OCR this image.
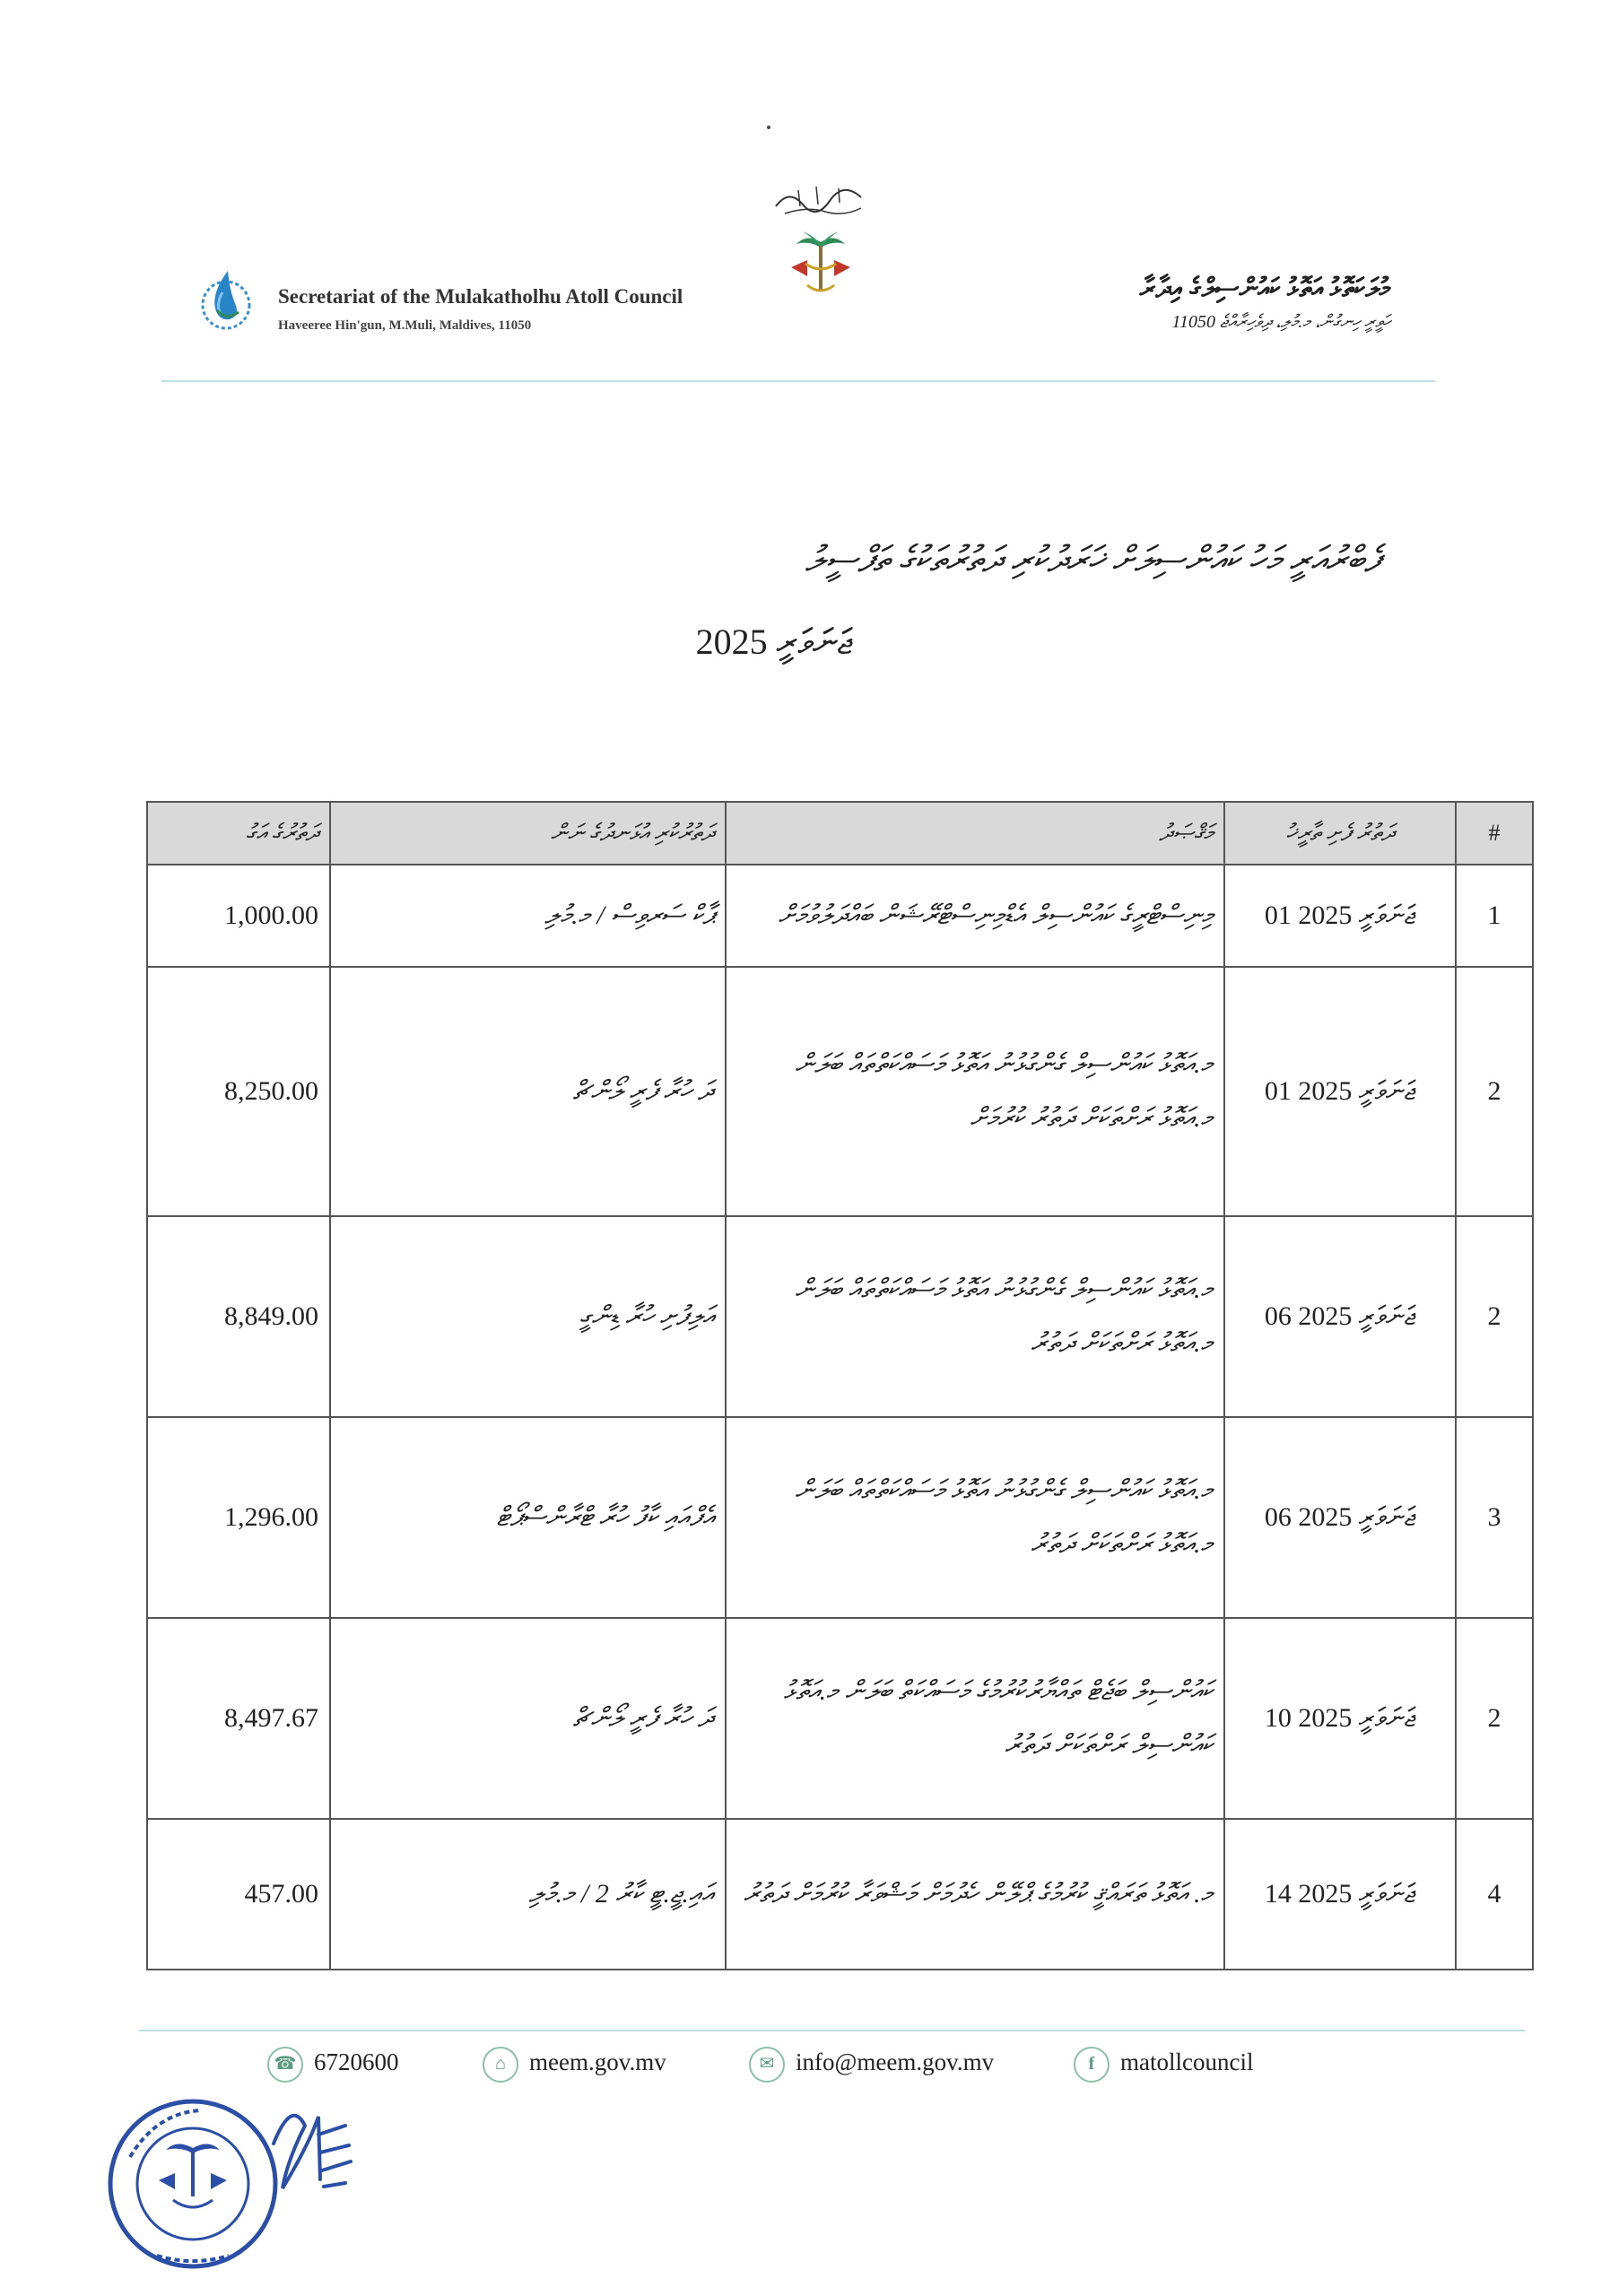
Secretariat of the Mulakatholhu Atoll Council
Haveeree Hin'gun, M.Muli, Maldives, 11050
މުލަކަތޮޅު އަތޮޅު ކައުންސިލްގެ އިދާރާ
ހަވީރީ ހިނގުން، މ.މުލި، ދިވެހިރާއްޖެ 11050
ފެބްރުއަރީ މަހު ކައުންސިލަށް ޚަރަދުކުރި ދަތުރުތަކުގެ ތަފްސީލު
ޖަނަވަރީ 2025
ދަތުރުގެ އަގު	ދަތުރުކުރި އުޅަނދުގެ ނަން	މަޤްޞަދު	ދަތުރު ފެށި ތާރީޚު	#
1,000.00	ޕާކް ސަރވިސް / މ.މުލި	މިނިސްޓްރީގެ ކައުންސިލް އެޑްމިނިސްޓްރޭޝަން ބައްދަލުވުމަށް	01 ޖަނަވަރީ 2025	1
8,250.00	ދަ ހުރާ ފެރީ ލޯންޗް	މ.އަތޮޅު ކައުންސިލް ގެންގުޅުނު އަތޮޅު މަސައްކަތްތައް ބަލަން މ.އަތޮޅު ރަށްތަކަށް ދަތުރު ކުރުމަށް	01 ޖަނަވަރީ 2025	2
8,849.00	އަލިފުށި ހުރާ ޑިންގީ	މ.އަތޮޅު ކައުންސިލް ގެންގުޅުނު އަތޮޅު މަސައްކަތްތައް ބަލަން މ.އަތޮޅު ރަށްތަކަށް ދަތުރު	06 ޖަނަވަރީ 2025	2
1,296.00	އެފްއައި ކާފު ހުރާ ޓްރާންސްޕޯޓް	މ.އަތޮޅު ކައުންސިލް ގެންގުޅުނު އަތޮޅު މަސައްކަތްތައް ބަލަން މ.އަތޮޅު ރަށްތަކަށް ދަތުރު	06 ޖަނަވަރީ 2025	3
8,497.67	ދަ ހުރާ ފެރީ ލޯންޗް	ކައުންސިލް ބަޖެޓް ތައްޔާރުކުރުމުގެ މަސައްކަތް ބަލަން މ.އަތޮޅު ކައުންސިލް ރަށްތަކަށް ދަތުރު	10 ޖަނަވަރީ 2025	2
457.00	އައި.ޖީ.ޓީ ކާރު 2 / މ.މުލި	މ. އަތޮޅު ތަރައްޤީ ކުރުމުގެ ޕްލޭން ހެދުމަށް މަޝްވަރާ ކުރުމަށް ދަތުރު	14 ޖަނަވަރީ 2025	4
☎ 6720600	⌂ meem.gov.mv	✉ info@meem.gov.mv	f matollcouncil
